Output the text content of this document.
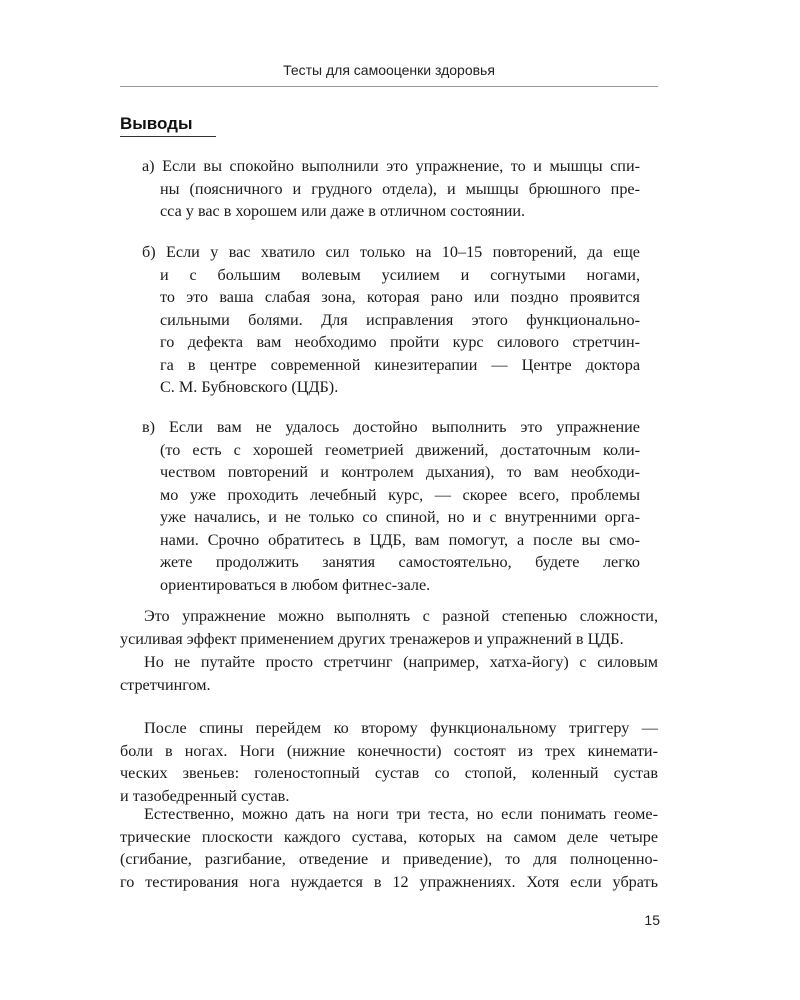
Тесты для самооценки здоровья
Выводы
а) Если вы спокойно выполнили это упражнение, то и мышцы спи-
ны (поясничного и грудного отдела), и мышцы брюшного пре-
сса у вас в хорошем или даже в отличном состоянии.
б) Если у вас хватило сил только на 10–15 повторений, да еще
и с большим волевым усилием и согнутыми ногами,
то это ваша слабая зона, которая рано или поздно проявится
сильными болями. Для исправления этого функционально-
го дефекта вам необходимо пройти курс силового стретчин-
га в центре современной кинезитерапии — Центре доктора
С. М. Бубновского (ЦДБ).
в) Если вам не удалось достойно выполнить это упражнение
(то есть с хорошей геометрией движений, достаточным коли-
чеством повторений и контролем дыхания), то вам необходи-
мо уже проходить лечебный курс, — скорее всего, проблемы
уже начались, и не только со спиной, но и с внутренними орга-
нами. Срочно обратитесь в ЦДБ, вам помогут, а после вы смо-
жете продолжить занятия самостоятельно, будете легко
ориентироваться в любом фитнес-зале.
Это упражнение можно выполнять с разной степенью сложности,
усиливая эффект применением других тренажеров и упражнений в ЦДБ.
Но не путайте просто стретчинг (например, хатха-йогу) с силовым
стретчингом.
После спины перейдем ко второму функциональному триггеру —
боли в ногах. Ноги (нижние конечности) состоят из трех кинемати-
ческих звеньев: голеностопный сустав со стопой, коленный сустав
и тазобедренный сустав.
Естественно, можно дать на ноги три теста, но если понимать геоме-
трические плоскости каждого сустава, которых на самом деле четыре
(сгибание, разгибание, отведение и приведение), то для полноценно-
го тестирования нога нуждается в 12 упражнениях. Хотя если убрать
15
